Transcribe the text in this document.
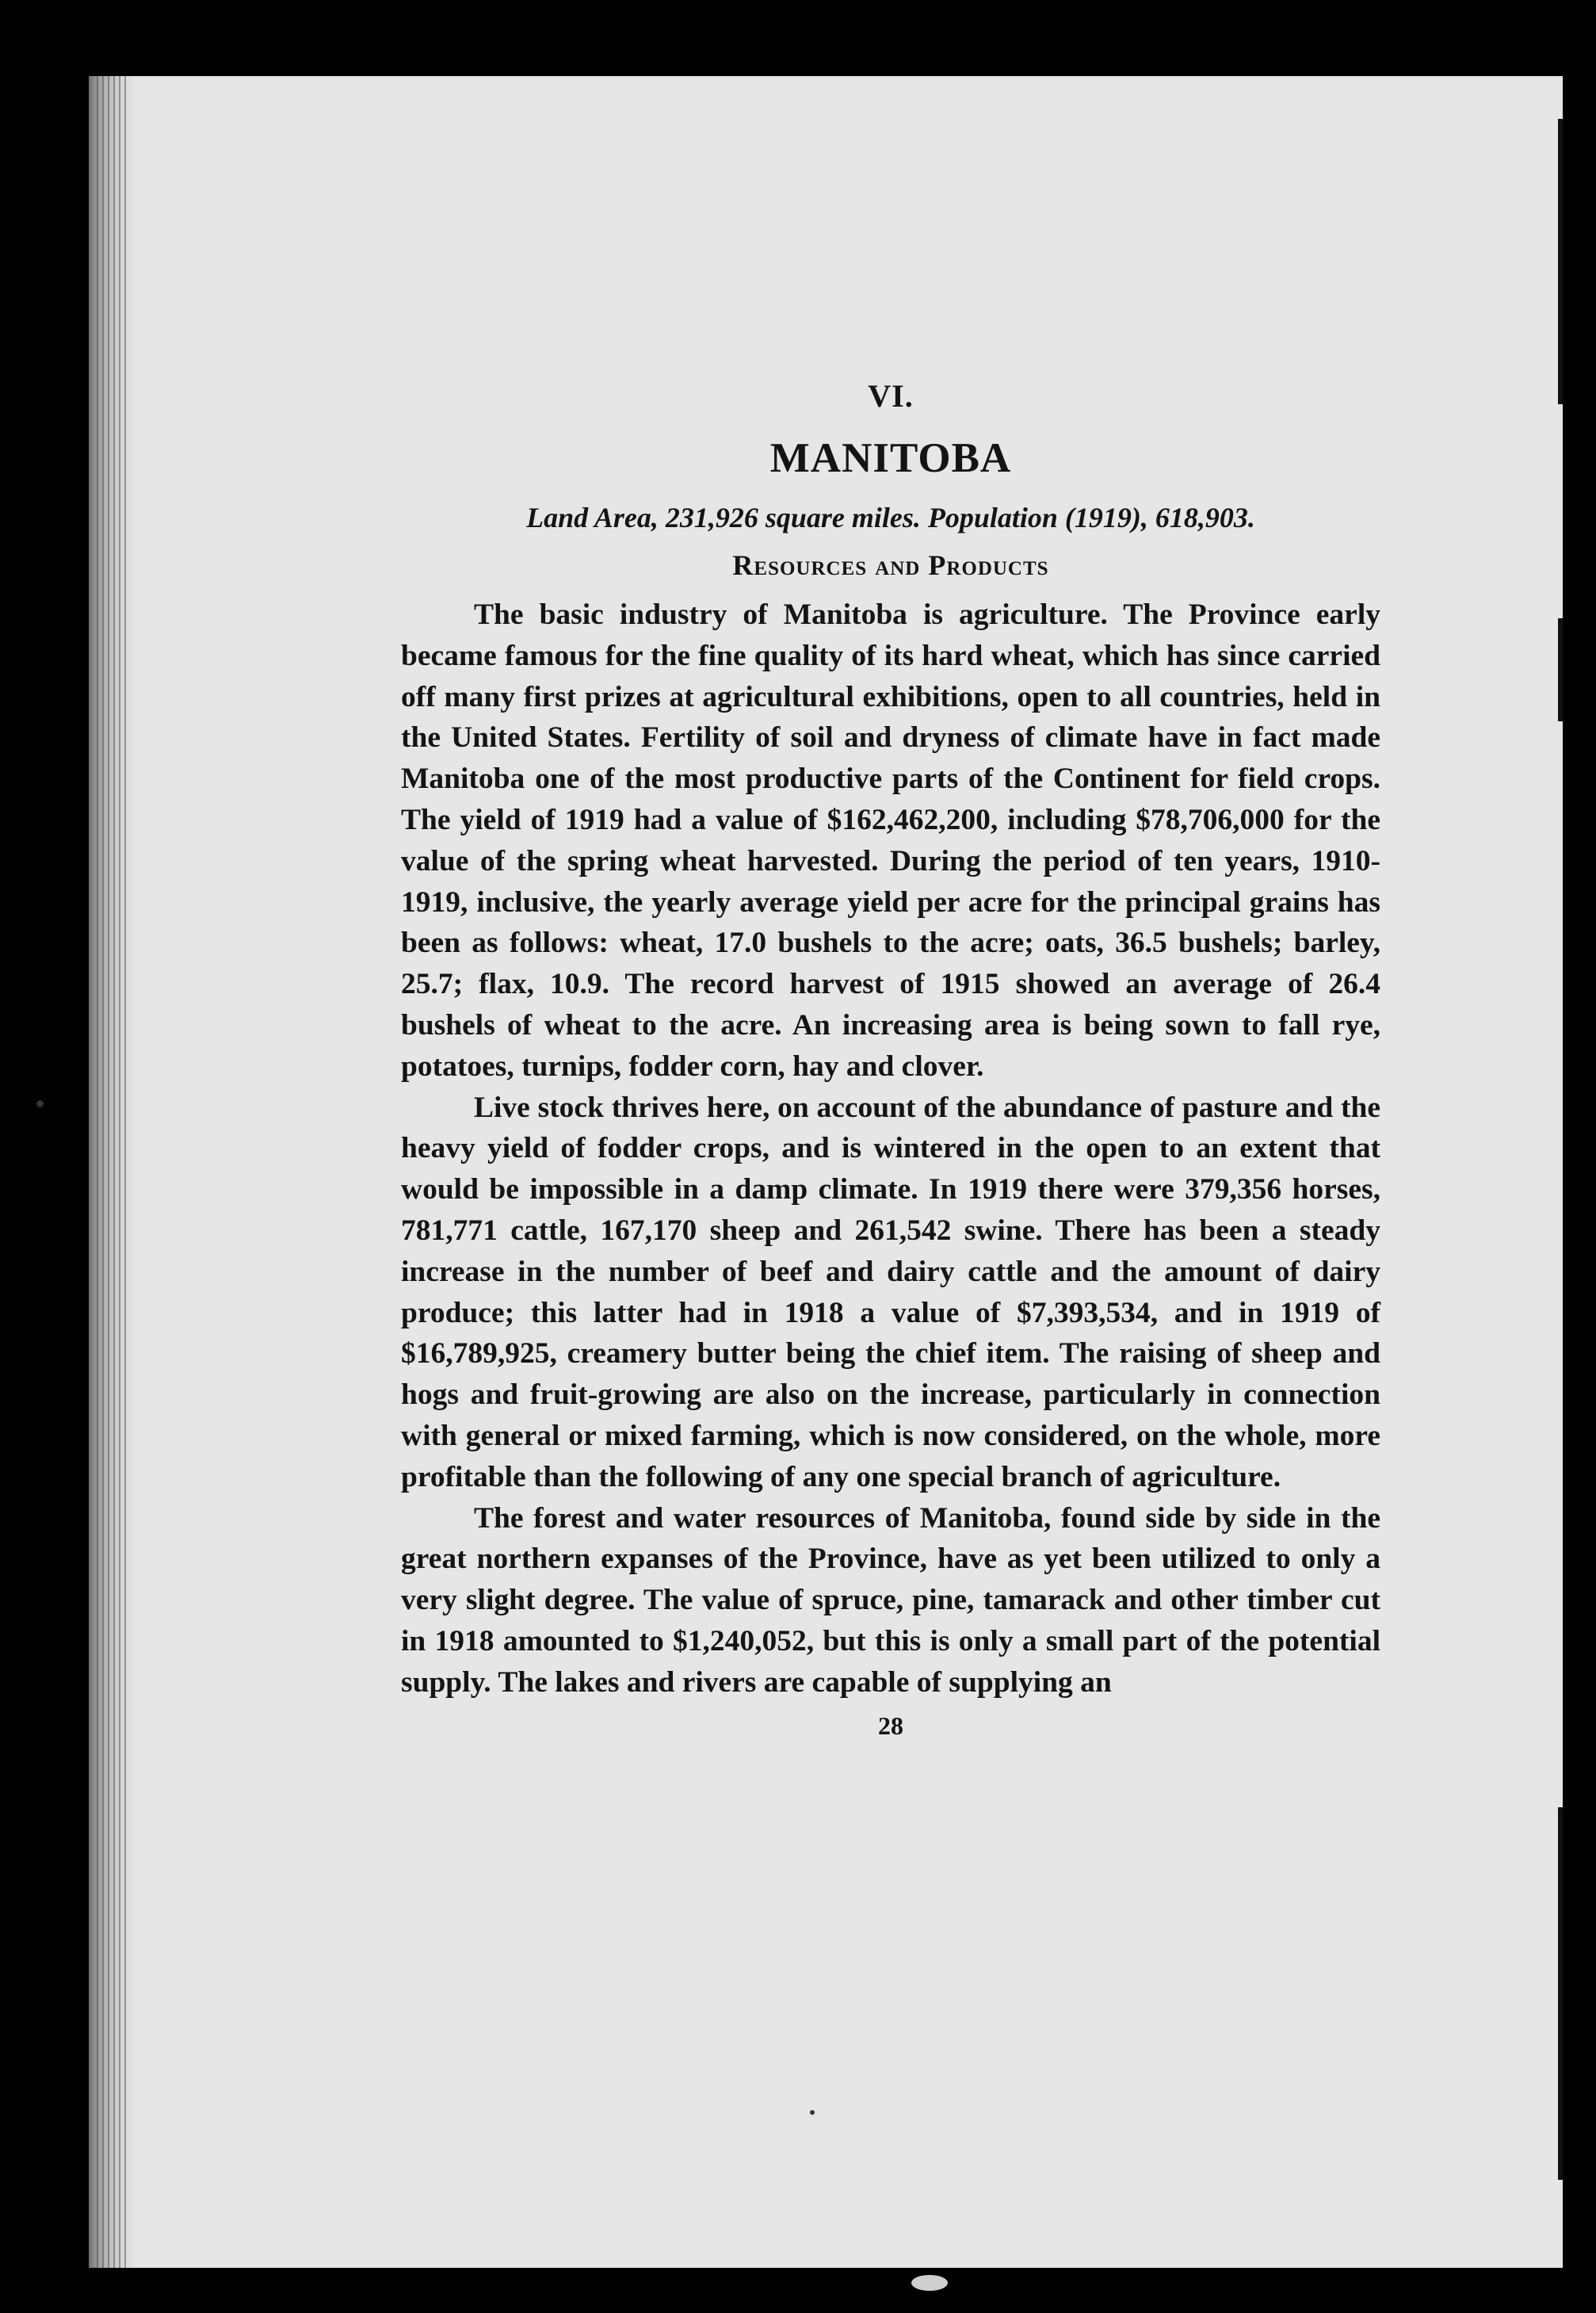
VI.

MANITOBA

Land Area, 231,926 square miles. Population (1919), 618,903.

Resources and Products

The basic industry of Manitoba is agriculture. The Province early became famous for the fine quality of its hard wheat, which has since carried off many first prizes at agricultural exhibitions, open to all countries, held in the United States. Fertility of soil and dryness of climate have in fact made Manitoba one of the most productive parts of the Continent for field crops. The yield of 1919 had a value of $162,462,200, including $78,706,000 for the value of the spring wheat harvested. During the period of ten years, 1910-1919, inclusive, the yearly average yield per acre for the principal grains has been as follows: wheat, 17.0 bushels to the acre; oats, 36.5 bushels; barley, 25.7; flax, 10.9. The record harvest of 1915 showed an average of 26.4 bushels of wheat to the acre. An increasing area is being sown to fall rye, potatoes, turnips, fodder corn, hay and clover.

Live stock thrives here, on account of the abundance of pasture and the heavy yield of fodder crops, and is wintered in the open to an extent that would be impossible in a damp climate. In 1919 there were 379,356 horses, 781,771 cattle, 167,170 sheep and 261,542 swine. There has been a steady increase in the number of beef and dairy cattle and the amount of dairy produce; this latter had in 1918 a value of $7,393,534, and in 1919 of $16,789,925, creamery butter being the chief item. The raising of sheep and hogs and fruit-growing are also on the increase, particularly in connection with general or mixed farming, which is now considered, on the whole, more profitable than the following of any one special branch of agriculture.

The forest and water resources of Manitoba, found side by side in the great northern expanses of the Province, have as yet been utilized to only a very slight degree. The value of spruce, pine, tamarack and other timber cut in 1918 amounted to $1,240,052, but this is only a small part of the potential supply. The lakes and rivers are capable of supplying an

28
